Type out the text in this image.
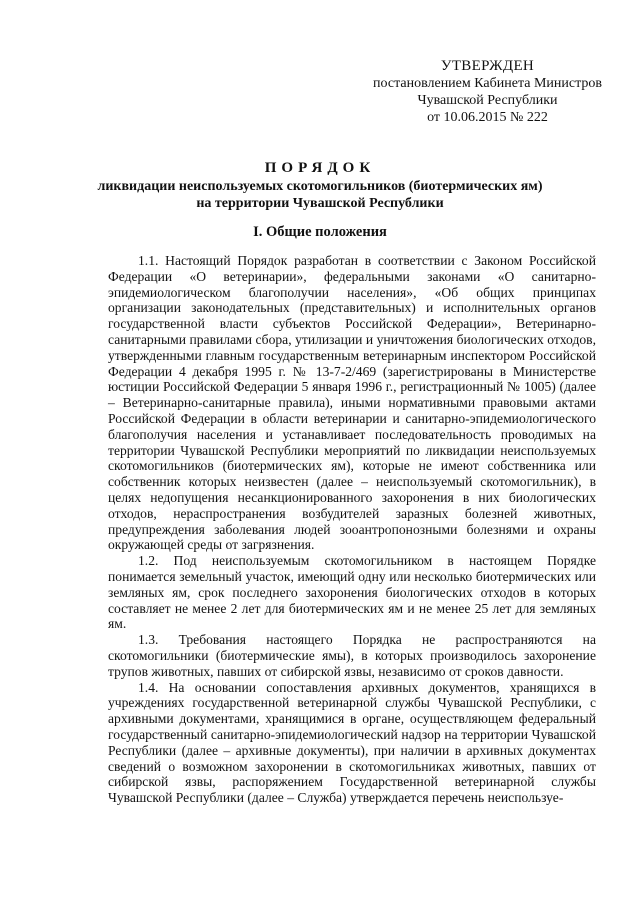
УТВЕРЖДЕН
постановлением Кабинета Министров
Чувашской Республики
от 10.06.2015 № 222
ПОРЯДОК
ликвидации неиспользуемых скотомогильников (биотермических ям)
на территории Чувашской Республики
I. Общие положения

1.1. Настоящий Порядок разработан в соответствии с Законом Российской Федерации «О ветеринарии», федеральными законами «О санитарно-эпидемиологическом благополучии населения», «Об общих принципах организации законодательных (представительных) и исполнительных органов государственной власти субъектов Российской Федерации», Ветеринарно-санитарными правилами сбора, утилизации и уничтожения биологических отходов, утвержденными главным государственным ветеринарным инспектором Российской Федерации 4 декабря 1995 г. № 13-7-2/469 (зарегистрированы в Министерстве юстиции Российской Федерации 5 января 1996 г., регистрационный № 1005) (далее – Ветеринарно-санитарные правила), иными нормативными правовыми актами Российской Федерации в области ветеринарии и санитарно-эпидемиологического благополучия населения и устанавливает последовательность проводимых на территории Чувашской Республики мероприятий по ликвидации неиспользуемых скотомогильников (биотермических ям), которые не имеют собственника или собственник которых неизвестен (далее – неиспользуемый скотомогильник), в целях недопущения несанкционированного захоронения в них биологических отходов, нераспространения возбудителей заразных болезней животных, предупреждения заболевания людей зооантропонозными болезнями и охраны окружающей среды от загрязнения.

1.2. Под неиспользуемым скотомогильником в настоящем Порядке понимается земельный участок, имеющий одну или несколько биотермических или земляных ям, срок последнего захоронения биологических отходов в которых составляет не менее 2 лет для биотермических ям и не менее 25 лет для земляных ям.

1.3. Требования настоящего Порядка не распространяются на скотомогильники (биотермические ямы), в которых производилось захоронение трупов животных, павших от сибирской язвы, независимо от сроков давности.

1.4. На основании сопоставления архивных документов, хранящихся в учреждениях государственной ветеринарной службы Чувашской Республики, с архивными документами, хранящимися в органе, осуществляющем федеральный государственный санитарно-эпидемиологический надзор на территории Чувашской Республики (далее – архивные документы), при наличии в архивных документах сведений о возможном захоронении в скотомогильниках животных, павших от сибирской язвы, распоряжением Государственной ветеринарной службы Чувашской Республики (далее – Служба) утверждается перечень неиспользуе-
